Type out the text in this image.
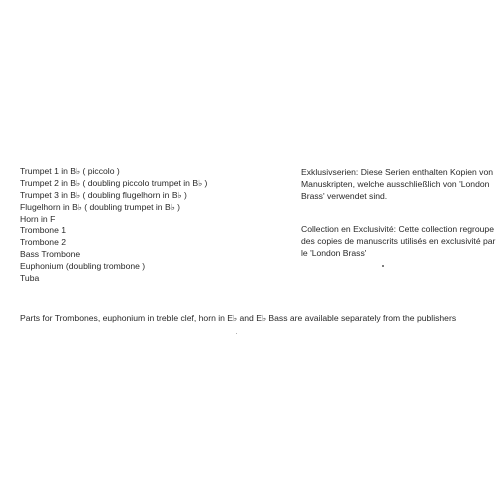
Trumpet 1 in B♭ ( piccolo )
Trumpet 2 in B♭ ( doubling piccolo trumpet in B♭ )
Trumpet 3 in B♭ ( doubling flugelhorn in B♭ )
Flugelhorn in B♭ ( doubling trumpet in B♭ )
Horn in F
Trombone 1
Trombone 2
Bass Trombone
Euphonium (doubling trombone )
Tuba

Exklusivserien: Diese Serien enthalten Kopien von Manuskripten, welche ausschließlich von 'London Brass' verwendet sind.

Collection en Exclusivité: Cette collection regroupe des copies de manuscrits utilisés en exclusivité par le 'London Brass'

Parts for Trombones, euphonium in treble clef, horn in E♭ and E♭ Bass are available separately from the publishers
